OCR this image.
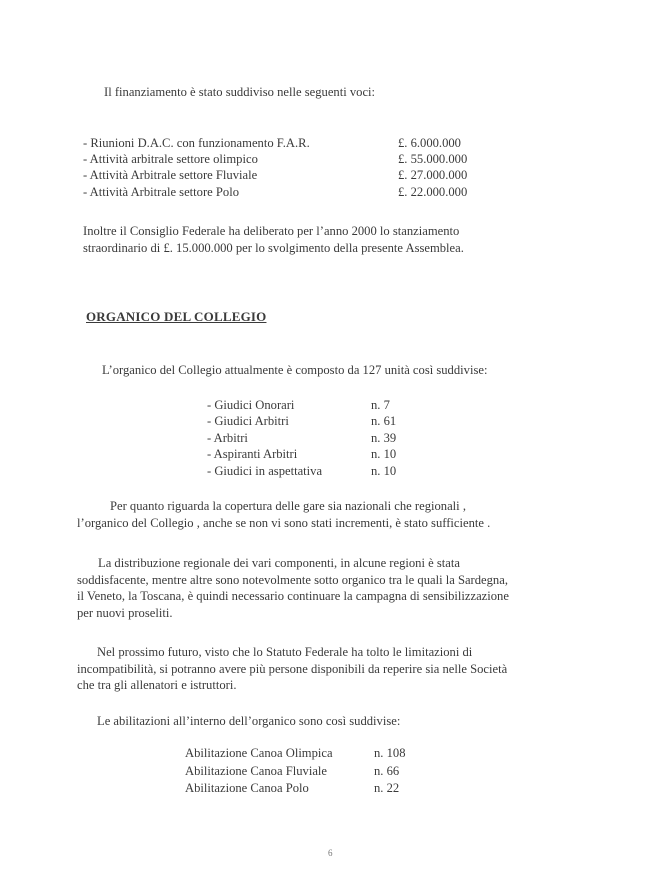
Il finanziamento è stato suddiviso nelle seguenti voci:
- Riunioni D.A.C. con funzionamento F.A.R.	£. 6.000.000
- Attività arbitrale settore olimpico	£. 55.000.000
- Attività Arbitrale settore Fluviale	£. 27.000.000
- Attività Arbitrale settore Polo	£. 22.000.000
Inoltre il Consiglio Federale ha deliberato per l’anno 2000 lo stanziamento
straordinario di £. 15.000.000 per lo svolgimento della presente Assemblea.
ORGANICO DEL COLLEGIO
L’organico del Collegio attualmente è composto da 127 unità così suddivise:
- Giudici Onorari	n. 7
- Giudici Arbitri	n. 61
- Arbitri	n. 39
- Aspiranti Arbitri	n. 10
- Giudici in aspettativa	n. 10
Per quanto riguarda la copertura delle gare sia nazionali che regionali ,
l’organico del Collegio , anche se non vi sono stati incrementi, è stato sufficiente .
La distribuzione regionale dei vari componenti, in alcune regioni è stata
soddisfacente, mentre altre sono notevolmente sotto organico tra le quali la Sardegna,
il Veneto, la Toscana, è quindi necessario continuare la campagna di sensibilizzazione
per nuovi proseliti.
Nel prossimo futuro, visto che lo Statuto Federale ha tolto le limitazioni di
incompatibilità, si potranno avere più persone disponibili da reperire sia nelle Società
che tra gli allenatori e istruttori.
Le abilitazioni all’interno dell’organico sono così suddivise:
Abilitazione Canoa Olimpica	n. 108
Abilitazione Canoa Fluviale	n. 66
Abilitazione Canoa Polo	n. 22
6
